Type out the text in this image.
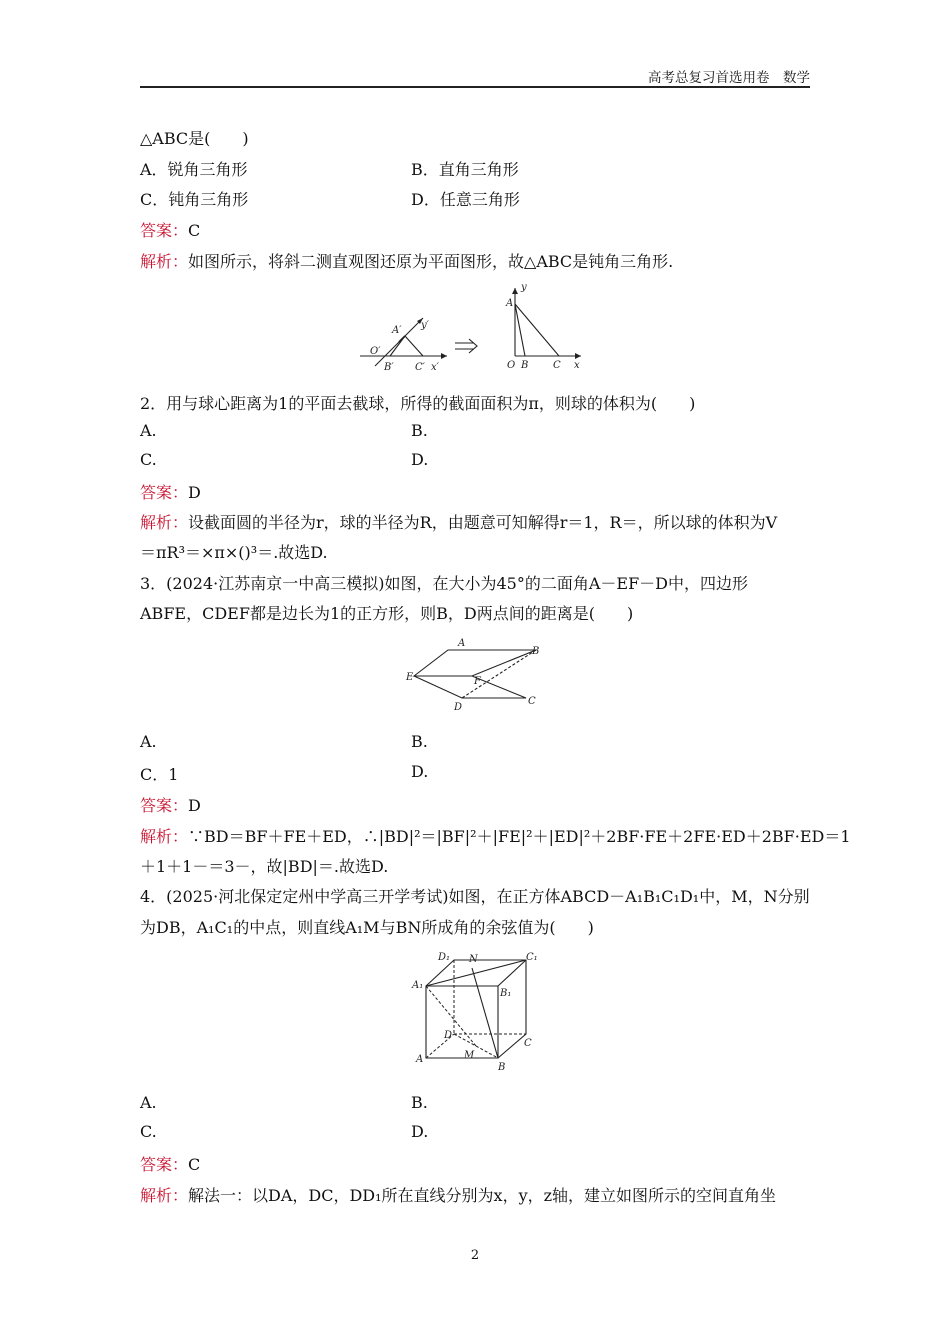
高考总复习首选用卷　数学
△ABC是(　　)
A．锐角三角形	B．直角三角形
C．钝角三角形	D．任意三角形
答案：C
解析：如图所示，将斜二测直观图还原为平面图形，故△ABC是钝角三角形.
A′ y′
O′
B′ C′ x′
A
y
O B C x
2．用与球心距离为1的平面去截球，所得的截面面积为π，则球的体积为(　　)
A.	B.
C.	D.
答案：D
解析：设截面圆的半径为r，球的半径为R，由题意可知解得r＝1，R＝，所以球的体积为V
＝πR³＝×π×()³＝.故选D.
3．(2024·江苏南京一中高三模拟)如图，在大小为45°的二面角A－EF－D中，四边形
ABFE，CDEF都是边长为1的正方形，则B，D两点间的距离是(　　)
A
B
E	F
C
D
A.	B.
C．1	D.
答案：D
解析：∵BD＝BF＋FE＋ED，∴|BD|²＝|BF|²＋|FE|²＋|ED|²＋2BF·FE＋2FE·ED＋2BF·ED＝1
＋1＋1－＝3－，故|BD|＝.故选D.
4．(2025·河北保定定州中学高三开学考试)如图，在正方体ABCD－A₁B₁C₁D₁中，M，N分别
为DB，A₁C₁的中点，则直线A₁M与BN所成角的余弦值为(　　)
D₁ N	C₁
A₁
B₁
D
C
A	M
B
A.	B.
C.	D.
答案：C
解析：解法一：以DA，DC，DD₁所在直线分别为x，y，z轴，建立如图所示的空间直角坐
2
